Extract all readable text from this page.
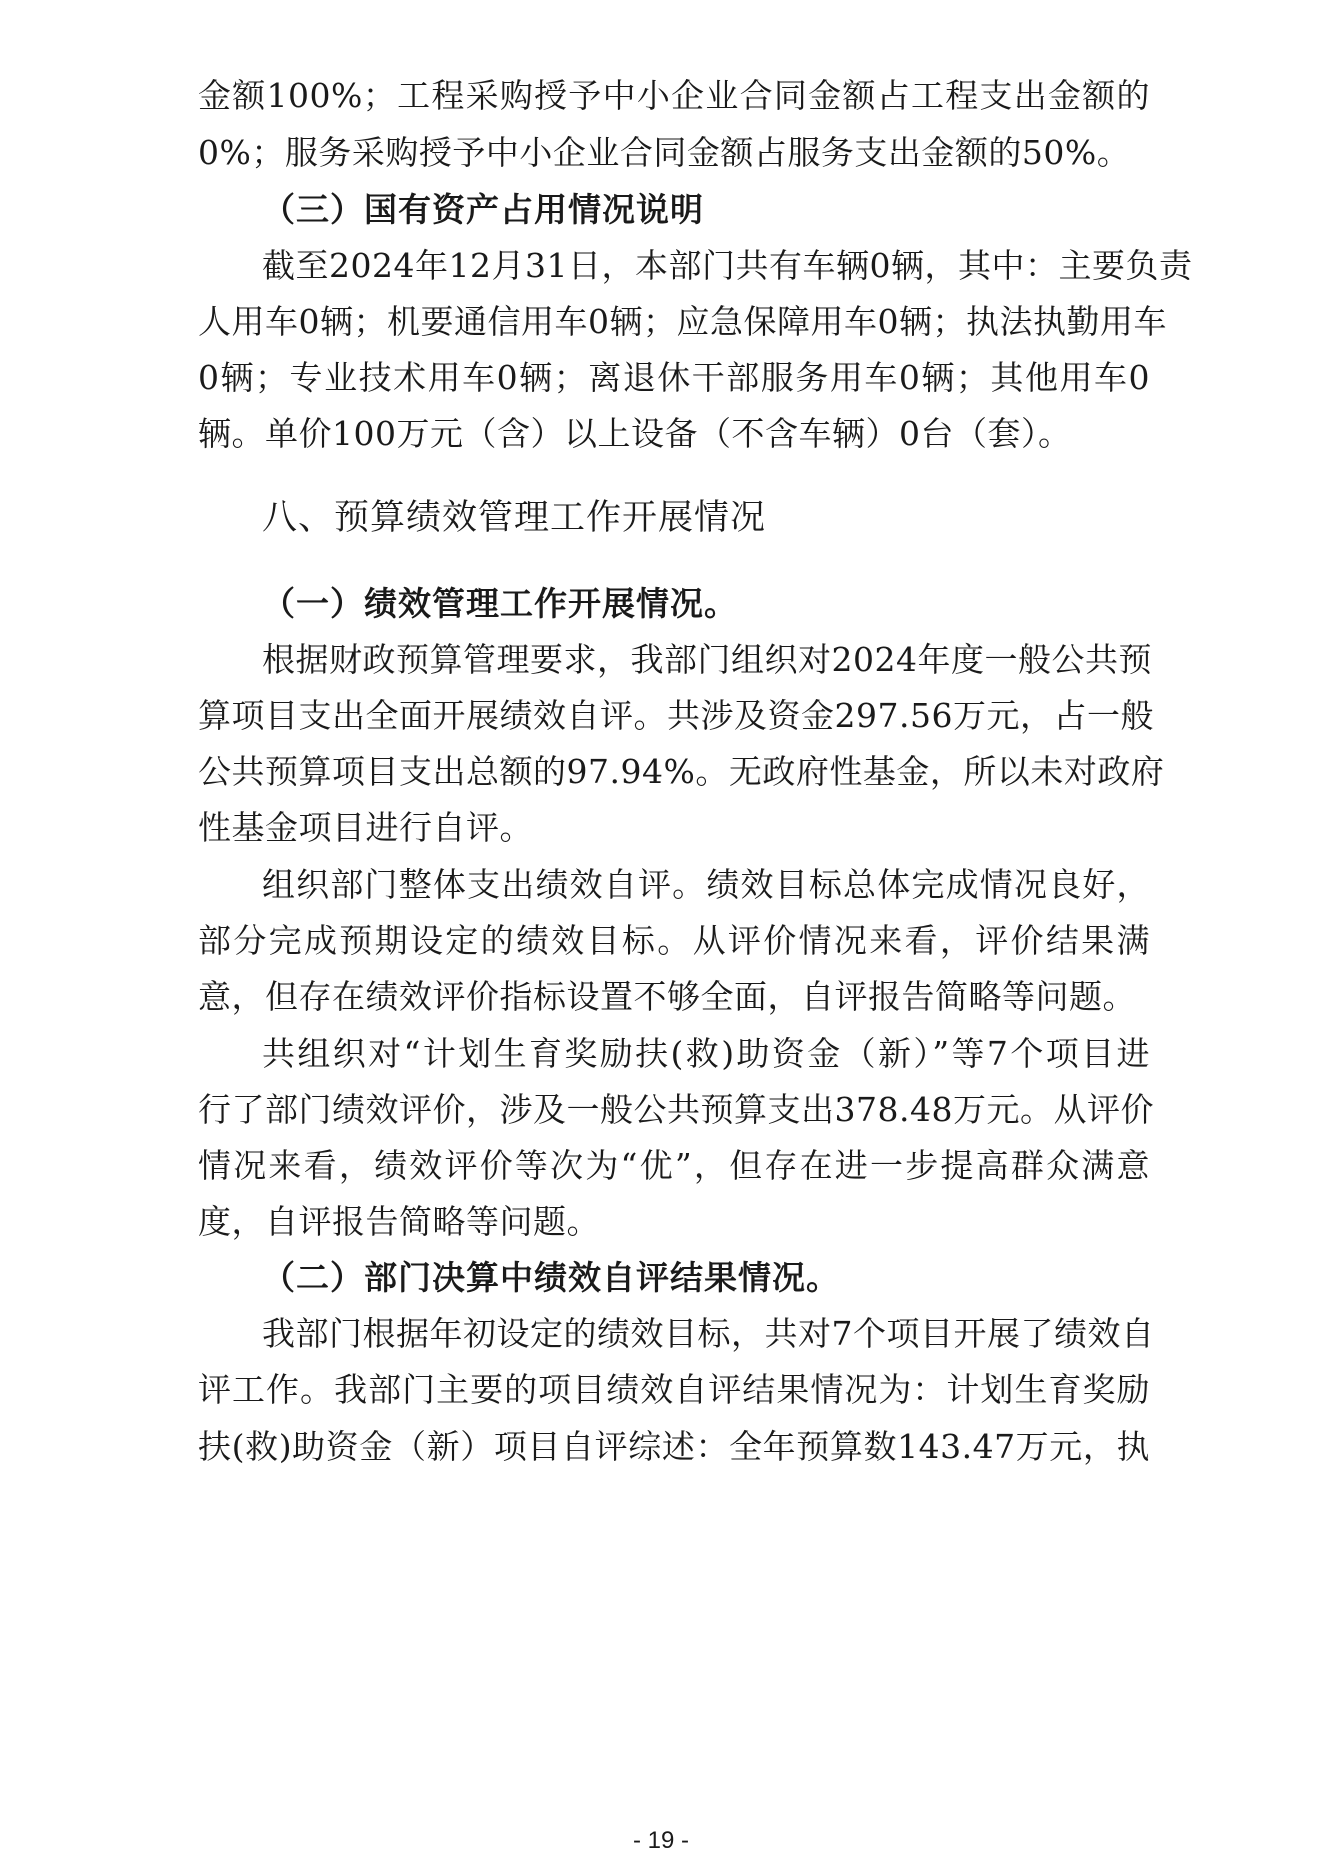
金额100%；工程采购授予中小企业合同金额占工程支出金额的
0%；服务采购授予中小企业合同金额占服务支出金额的50%。
（三）国有资产占用情况说明
截至2024年12月31日，本部门共有车辆0辆，其中：主要负责
人用车0辆；机要通信用车0辆；应急保障用车0辆；执法执勤用车
0辆；专业技术用车0辆；离退休干部服务用车0辆；其他用车0
辆。单价100万元（含）以上设备（不含车辆）0台（套）。
八、预算绩效管理工作开展情况
（一）绩效管理工作开展情况。
根据财政预算管理要求，我部门组织对2024年度一般公共预
算项目支出全面开展绩效自评。共涉及资金297.56万元，占一般
公共预算项目支出总额的97.94%。无政府性基金，所以未对政府
性基金项目进行自评。
组织部门整体支出绩效自评。绩效目标总体完成情况良好，
部分完成预期设定的绩效目标。从评价情况来看，评价结果满
意，但存在绩效评价指标设置不够全面，自评报告简略等问题。
共组织对“计划生育奖励扶(救)助资金（新）”等7个项目进
行了部门绩效评价，涉及一般公共预算支出378.48万元。从评价
情况来看，绩效评价等次为“优”，但存在进一步提高群众满意
度，自评报告简略等问题。
（二）部门决算中绩效自评结果情况。
我部门根据年初设定的绩效目标，共对7个项目开展了绩效自
评工作。我部门主要的项目绩效自评结果情况为：计划生育奖励
扶(救)助资金（新）项目自评综述：全年预算数143.47万元，执
- 19 -
